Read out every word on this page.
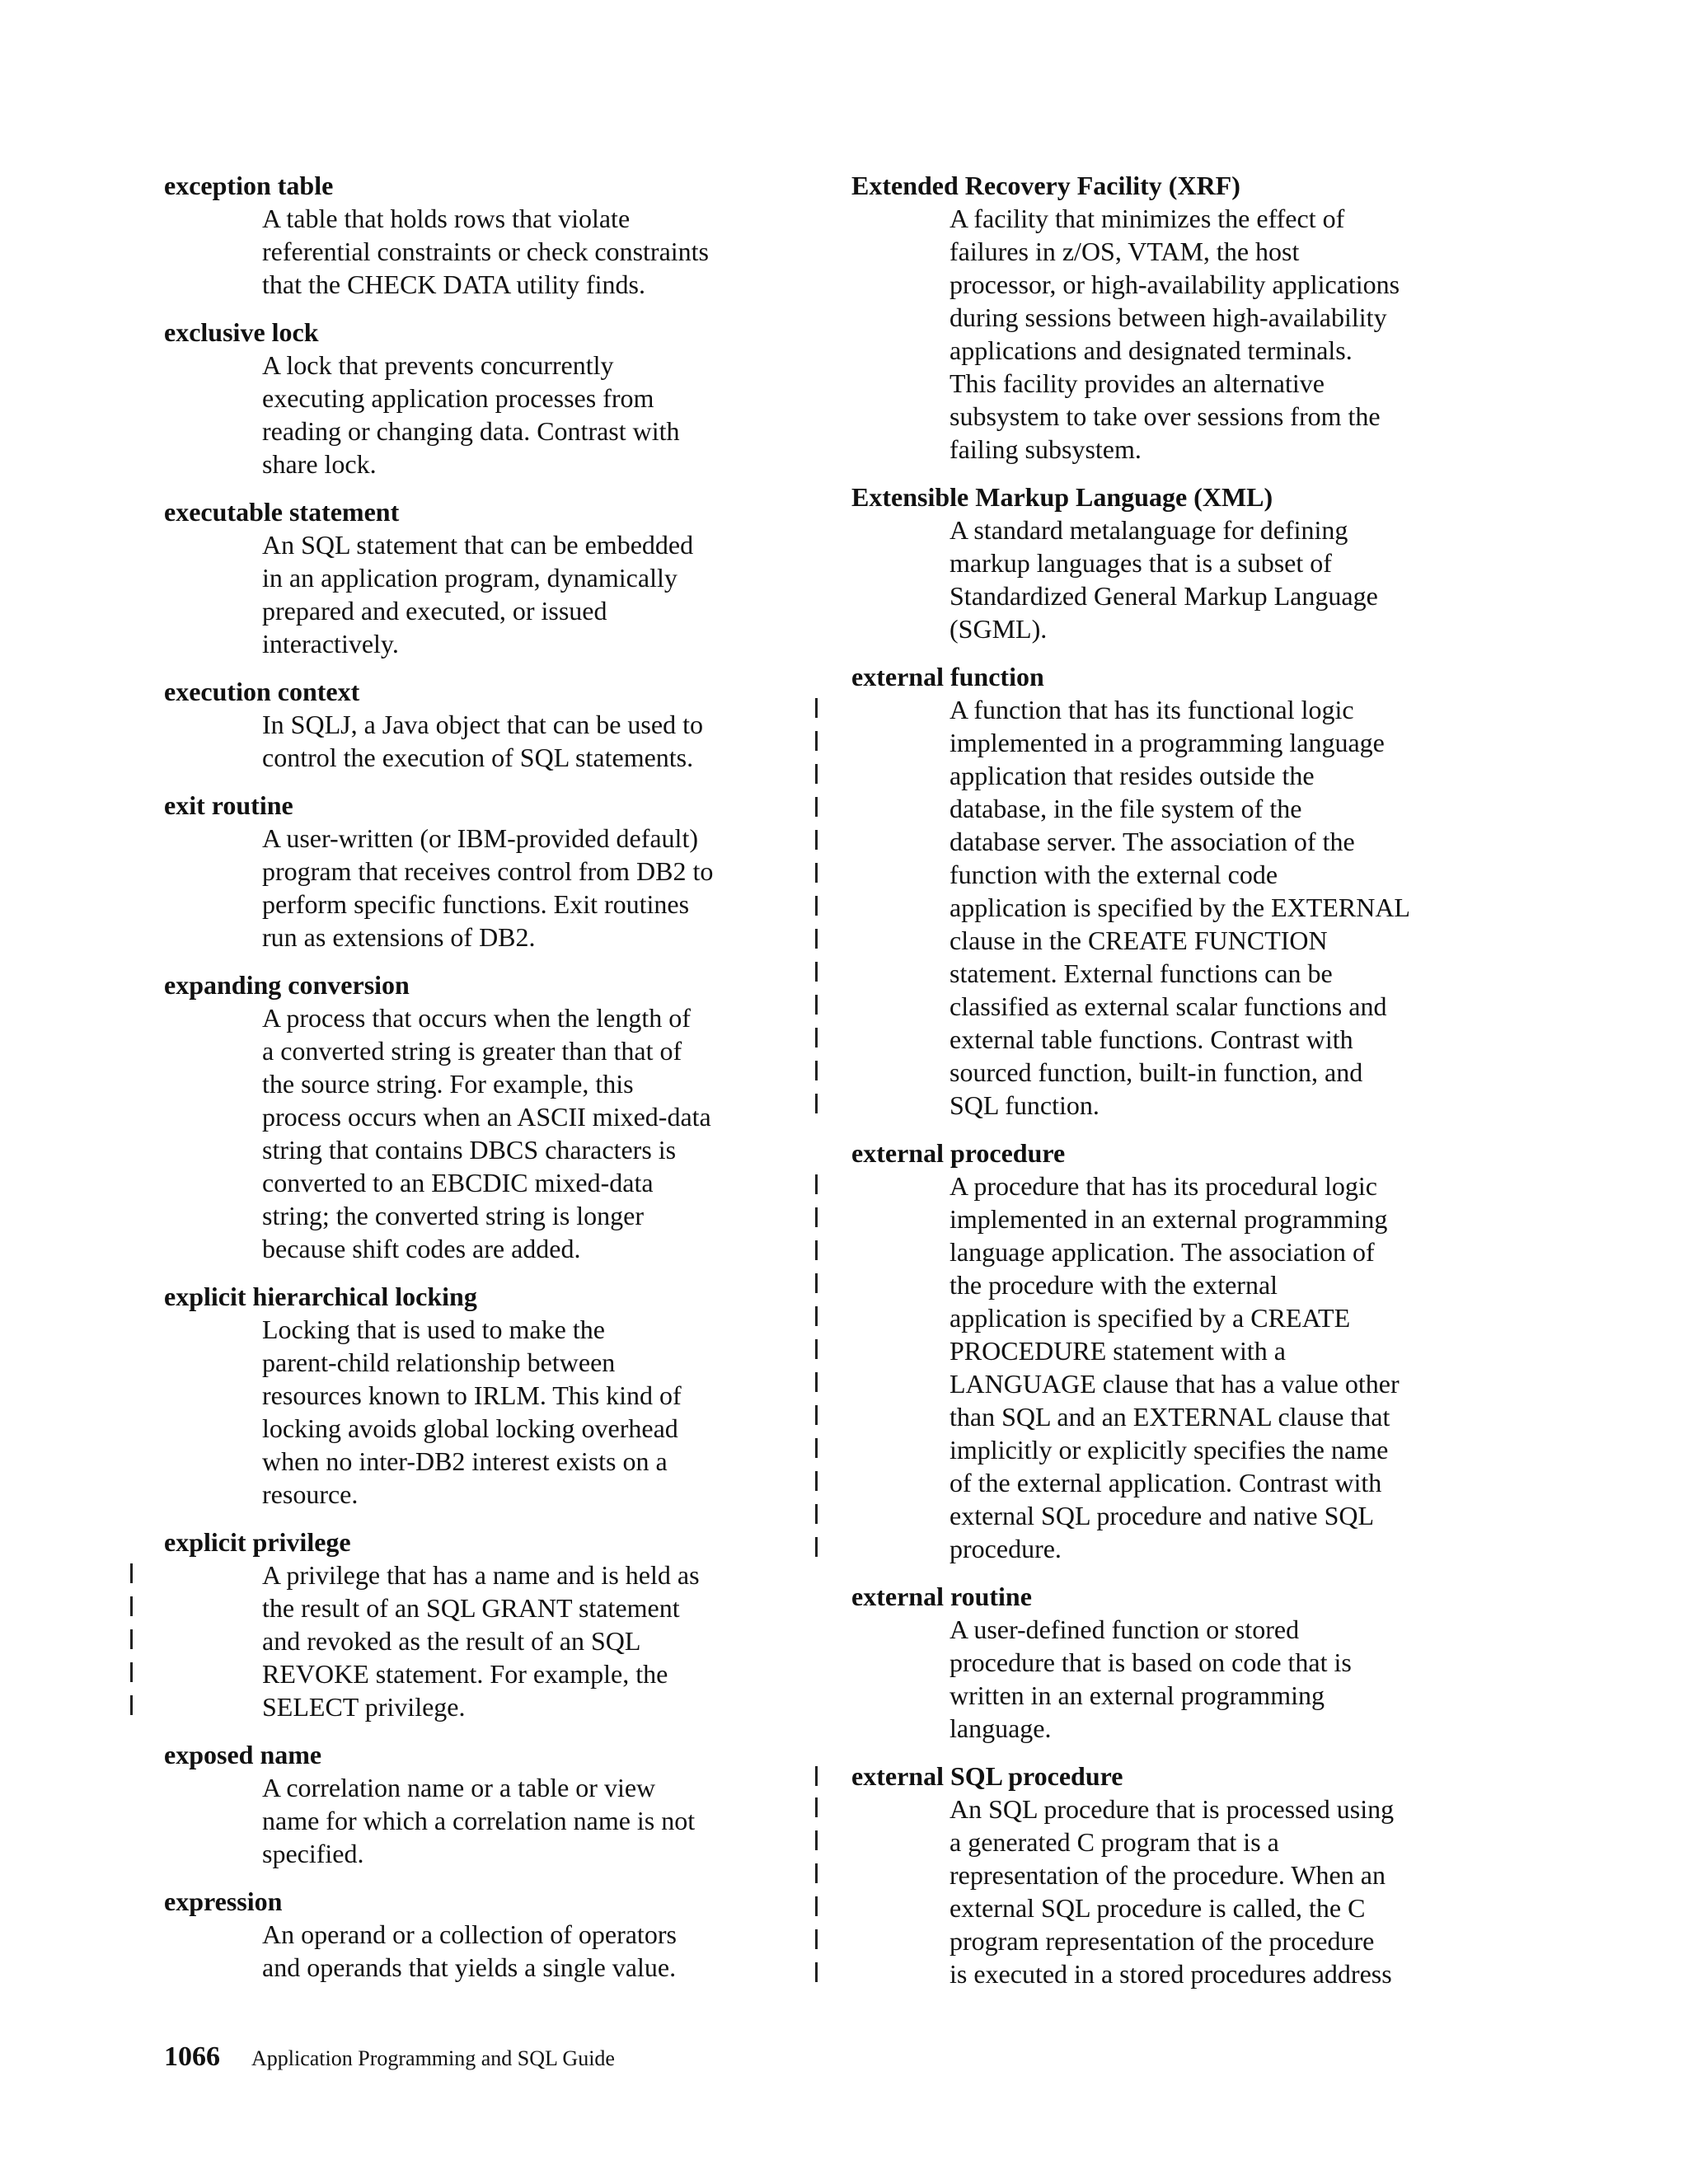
exception table
A table that holds rows that violate
referential constraints or check constraints
that the CHECK DATA utility finds.
exclusive lock
A lock that prevents concurrently
executing application processes from
reading or changing data. Contrast with
share lock.
executable statement
An SQL statement that can be embedded
in an application program, dynamically
prepared and executed, or issued
interactively.
execution context
In SQLJ, a Java object that can be used to
control the execution of SQL statements.
exit routine
A user-written (or IBM-provided default)
program that receives control from DB2 to
perform specific functions. Exit routines
run as extensions of DB2.
expanding conversion
A process that occurs when the length of
a converted string is greater than that of
the source string. For example, this
process occurs when an ASCII mixed-data
string that contains DBCS characters is
converted to an EBCDIC mixed-data
string; the converted string is longer
because shift codes are added.
explicit hierarchical locking
Locking that is used to make the
parent-child relationship between
resources known to IRLM. This kind of
locking avoids global locking overhead
when no inter-DB2 interest exists on a
resource.
explicit privilege
A privilege that has a name and is held as
the result of an SQL GRANT statement
and revoked as the result of an SQL
REVOKE statement. For example, the
SELECT privilege.
exposed name
A correlation name or a table or view
name for which a correlation name is not
specified.
expression
An operand or a collection of operators
and operands that yields a single value.
Extended Recovery Facility (XRF)
A facility that minimizes the effect of
failures in z/OS, VTAM, the host
processor, or high-availability applications
during sessions between high-availability
applications and designated terminals.
This facility provides an alternative
subsystem to take over sessions from the
failing subsystem.
Extensible Markup Language (XML)
A standard metalanguage for defining
markup languages that is a subset of
Standardized General Markup Language
(SGML).
external function
A function that has its functional logic
implemented in a programming language
application that resides outside the
database, in the file system of the
database server. The association of the
function with the external code
application is specified by the EXTERNAL
clause in the CREATE FUNCTION
statement. External functions can be
classified as external scalar functions and
external table functions. Contrast with
sourced function, built-in function, and
SQL function.
external procedure
A procedure that has its procedural logic
implemented in an external programming
language application. The association of
the procedure with the external
application is specified by a CREATE
PROCEDURE statement with a
LANGUAGE clause that has a value other
than SQL and an EXTERNAL clause that
implicitly or explicitly specifies the name
of the external application. Contrast with
external SQL procedure and native SQL
procedure.
external routine
A user-defined function or stored
procedure that is based on code that is
written in an external programming
language.
external SQL procedure
An SQL procedure that is processed using
a generated C program that is a
representation of the procedure. When an
external SQL procedure is called, the C
program representation of the procedure
is executed in a stored procedures address
1066 Application Programming and SQL Guide
